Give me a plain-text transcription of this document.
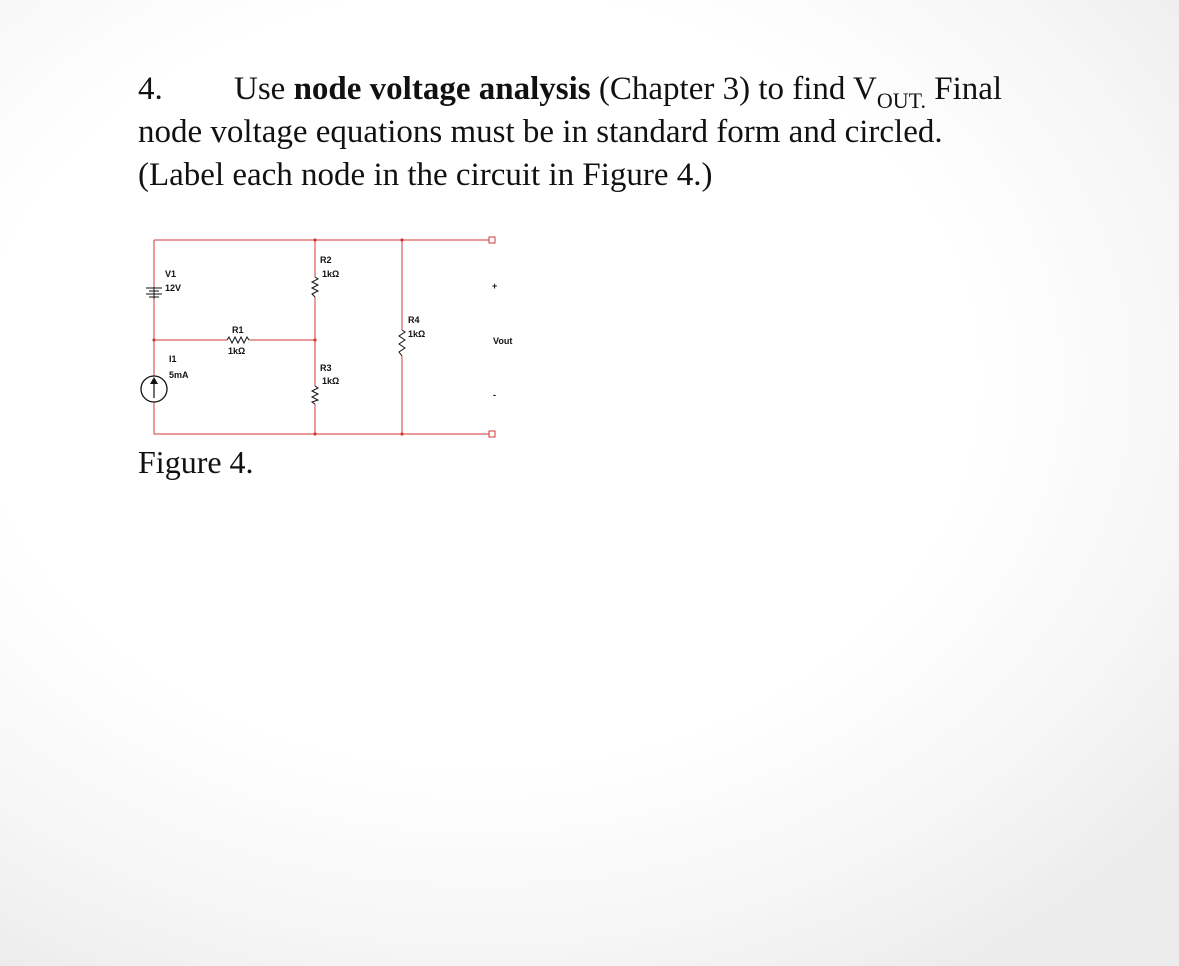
4. Use node voltage analysis (Chapter 3) to find $V_{OUT.}$ Final
node voltage equations must be in standard form and circled.
(Label each node in the circuit in Figure 4.)
V1
12V
I1
5mA
R1
1kΩ
R2
1kΩ
R3
1kΩ
R4
1kΩ
+
Vout
-
Figure 4.
